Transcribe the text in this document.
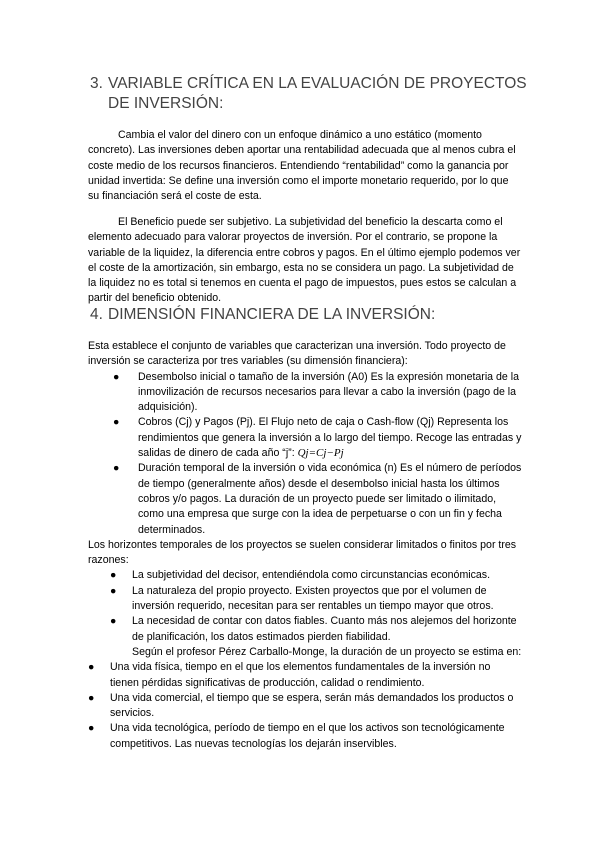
3. VARIABLE CRÍTICA EN LA EVALUACIÓN DE PROYECTOS
DE INVERSIÓN:

Cambia el valor del dinero con un enfoque dinámico a uno estático (momento concreto). Las inversiones deben aportar una rentabilidad adecuada que al menos cubra el coste medio de los recursos financieros. Entendiendo “rentabilidad” como la ganancia por unidad invertida: Se define una inversión como el importe monetario requerido, por lo que su financiación será el coste de esta.

El Beneficio puede ser subjetivo. La subjetividad del beneficio la descarta como el elemento adecuado para valorar proyectos de inversión. Por el contrario, se propone la variable de la liquidez, la diferencia entre cobros y pagos. En el último ejemplo podemos ver el coste de la amortización, sin embargo, esta no se considera un pago. La subjetividad de la liquidez no es total si tenemos en cuenta el pago de impuestos, pues estos se calculan a partir del beneficio obtenido.

4. DIMENSIÓN FINANCIERA DE LA INVERSIÓN:

Esta establece el conjunto de variables que caracterizan una inversión. Todo proyecto de inversión se caracteriza por tres variables (su dimensión financiera):

●	Desembolso inicial o tamaño de la inversión (A0) Es la expresión monetaria de la inmovilización de recursos necesarios para llevar a cabo la inversión (pago de la adquisición).
●	Cobros (Cj) y Pagos (Pj). El Flujo neto de caja o Cash-flow (Qj) Representa los rendimientos que genera la inversión a lo largo del tiempo. Recoge las entradas y salidas de dinero de cada año “j”: Qj=Cj−Pj
●	Duración temporal de la inversión o vida económica (n) Es el número de períodos de tiempo (generalmente años) desde el desembolso inicial hasta los últimos cobros y/o pagos. La duración de un proyecto puede ser limitado o ilimitado, como una empresa que surge con la idea de perpetuarse o con un fin y fecha determinados.

Los horizontes temporales de los proyectos se suelen considerar limitados o finitos por tres razones:

●	La subjetividad del decisor, entendiéndola como circunstancias económicas.
●	La naturaleza del propio proyecto. Existen proyectos que por el volumen de inversión requerido, necesitan para ser rentables un tiempo mayor que otros.
●	La necesidad de contar con datos fiables. Cuanto más nos alejemos del horizonte de planificación, los datos estimados pierden fiabilidad.

Según el profesor Pérez Carballo-Monge, la duración de un proyecto se estima en:

●	Una vida física, tiempo en el que los elementos fundamentales de la inversión no tienen pérdidas significativas de producción, calidad o rendimiento.
●	Una vida comercial, el tiempo que se espera, serán más demandados los productos o servicios.
●	Una vida tecnológica, período de tiempo en el que los activos son tecnológicamente competitivos. Las nuevas tecnologías los dejarán inservibles.
